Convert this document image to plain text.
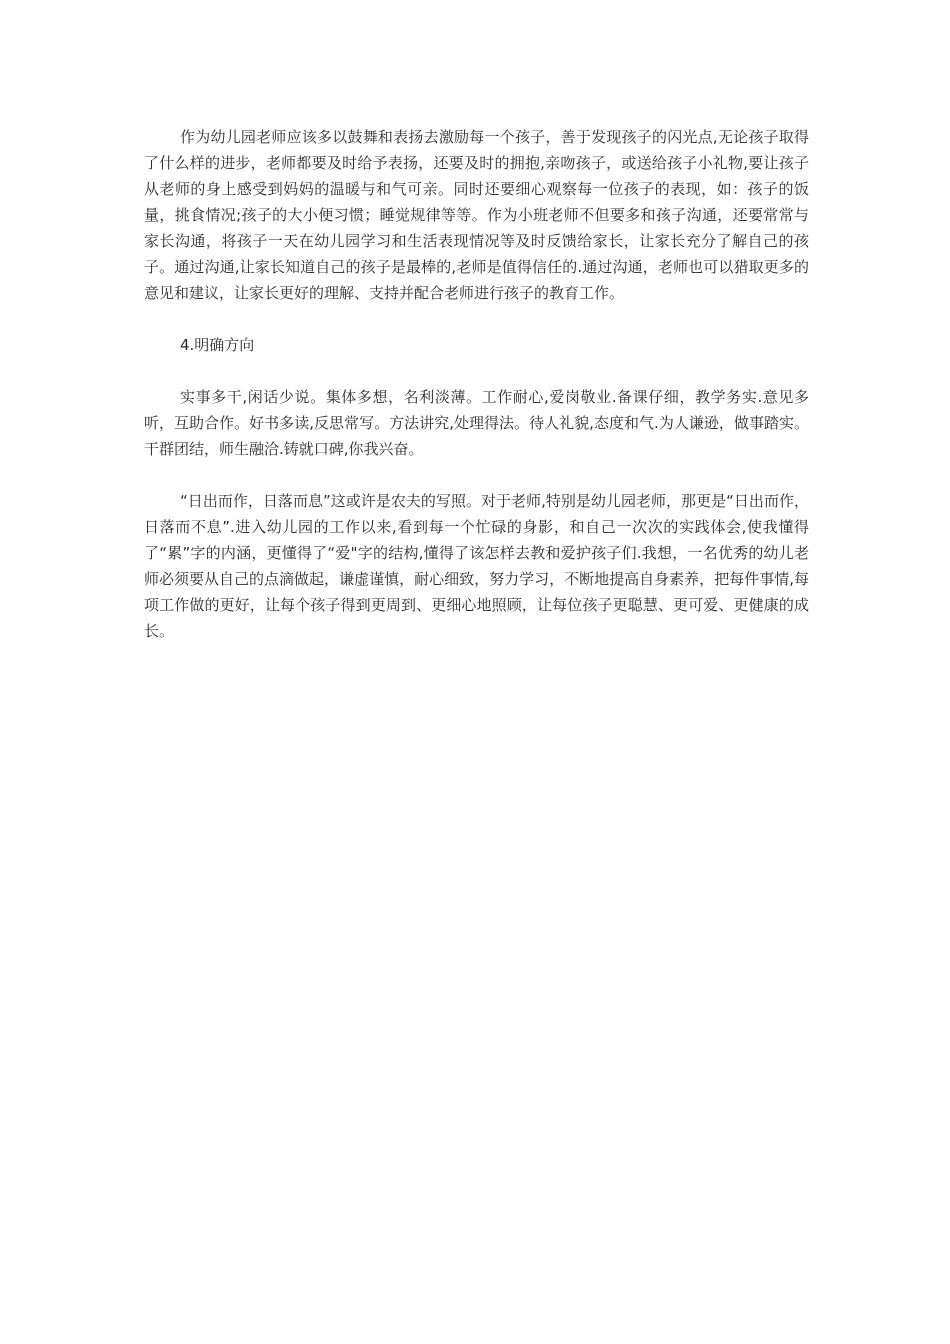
作为幼儿园老师应该多以鼓舞和表扬去激励每一个孩子，善于发现孩子的闪光点,无论孩子取得了什么样的进步，老师都要及时给予表扬，还要及时的拥抱,亲吻孩子，或送给孩子小礼物,要让孩子从老师的身上感受到妈妈的温暖与和气可亲。同时还要细心观察每一位孩子的表现，如：孩子的饭量，挑食情况;孩子的大小便习惯；睡觉规律等等。作为小班老师不但要多和孩子沟通，还要常常与家长沟通，将孩子一天在幼儿园学习和生活表现情况等及时反馈给家长，让家长充分了解自己的孩子。通过沟通,让家长知道自己的孩子是最棒的,老师是值得信任的.通过沟通，老师也可以猎取更多的意见和建议，让家长更好的理解、支持并配合老师进行孩子的教育工作。

4.明确方向

实事多干,闲话少说。集体多想，名利淡薄。工作耐心,爱岗敬业.备课仔细，教学务实.意见多听，互助合作。好书多读,反思常写。方法讲究,处理得法。待人礼貌,态度和气.为人谦逊，做事踏实。干群团结，师生融洽.铸就口碑,你我兴奋。

“日出而作，日落而息”这或许是农夫的写照。对于老师,特别是幼儿园老师，那更是“日出而作，日落而不息”.进入幼儿园的工作以来,看到每一个忙碌的身影，和自己一次次的实践体会,使我懂得了“累”字的内涵，更懂得了“爱"字的结构,懂得了该怎样去教和爱护孩子们.我想，一名优秀的幼儿老师必须要从自己的点滴做起，谦虚谨慎，耐心细致，努力学习，不断地提高自身素养，把每件事情,每项工作做的更好，让每个孩子得到更周到、更细心地照顾，让每位孩子更聪慧、更可爱、更健康的成长。
